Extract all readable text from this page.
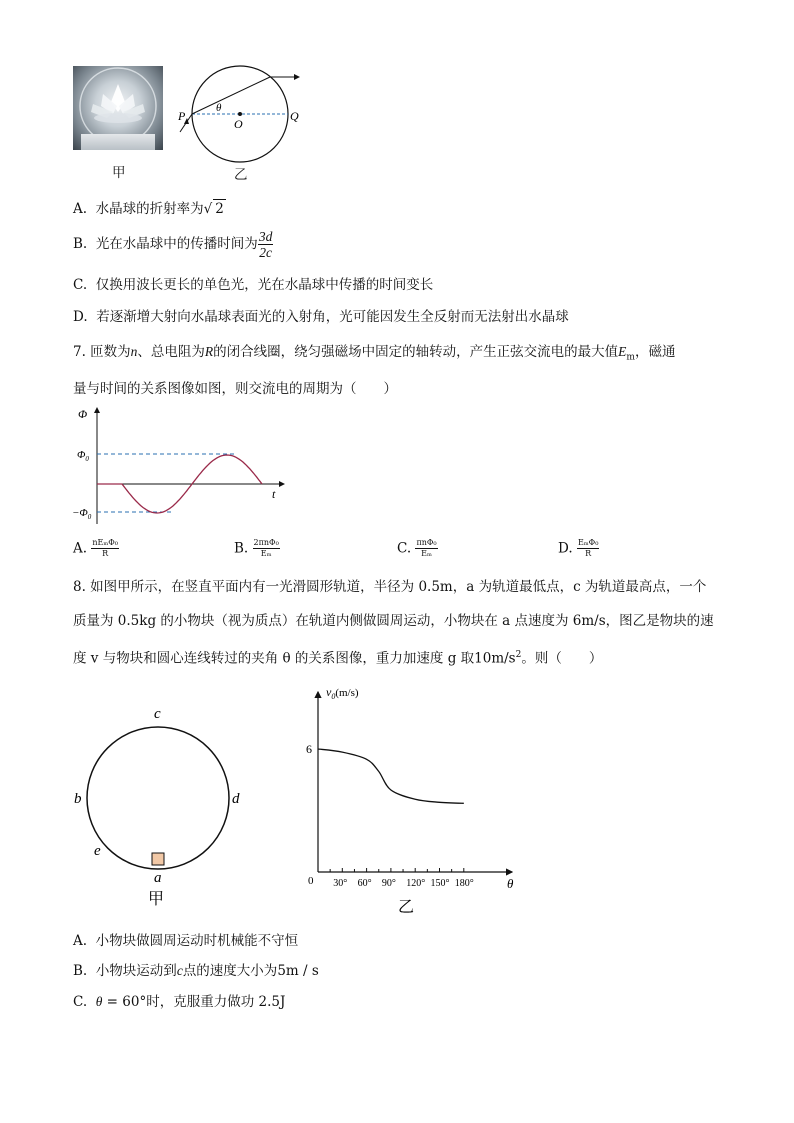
甲
P
O
Q
θ
乙
A. 水晶球的折射率为√ 2
B. 光在水晶球中的传播时间为 $\frac{3d}{2c}$
C. 仅换用波长更长的单色光，光在水晶球中传播的时间变长
D. 若逐渐增大射向水晶球表面光的入射角，光可能因发生全反射而无法射出水晶球
7. 匝数为n、总电阻为R的闭合线圈，绕匀强磁场中固定的轴转动，产生正弦交流电的最大值$E_m$，磁通
量与时间的关系图像如图，则交流电的周期为（　　）
Φ
t
$\Phi_0$
$-\Phi_0$
A. $\frac{\text{nEₘΦ₀}}{R}$	B. $\frac{\text{2πnΦ₀}}{\text{Eₘ}}$	C. $\frac{\text{πnΦ₀}}{\text{Eₘ}}$	D. $\frac{\text{EₘΦ₀}}{R}$
8. 如图甲所示，在竖直平面内有一光滑圆形轨道，半径为 0.5m，a 为轨道最低点，c 为轨道最高点，一个
质量为 0.5kg 的小物块（视为质点）在轨道内侧做圆周运动，小物块在 a 点速度为 6m/s，图乙是物块的速
度 v 与物块和圆心连线转过的夹角 θ 的关系图像，重力加速度 g 取$10m/s^2$。则（　　）
c
b	d
e
a
甲
30° 60° 90° 120° 150° 180°
$v_0(m/s)$
6
0	θ
乙
A. 小物块做圆周运动时机械能不守恒
B. 小物块运动到c点的速度大小为5m / s
C. θ = 60°时，克服重力做功 2.5J
